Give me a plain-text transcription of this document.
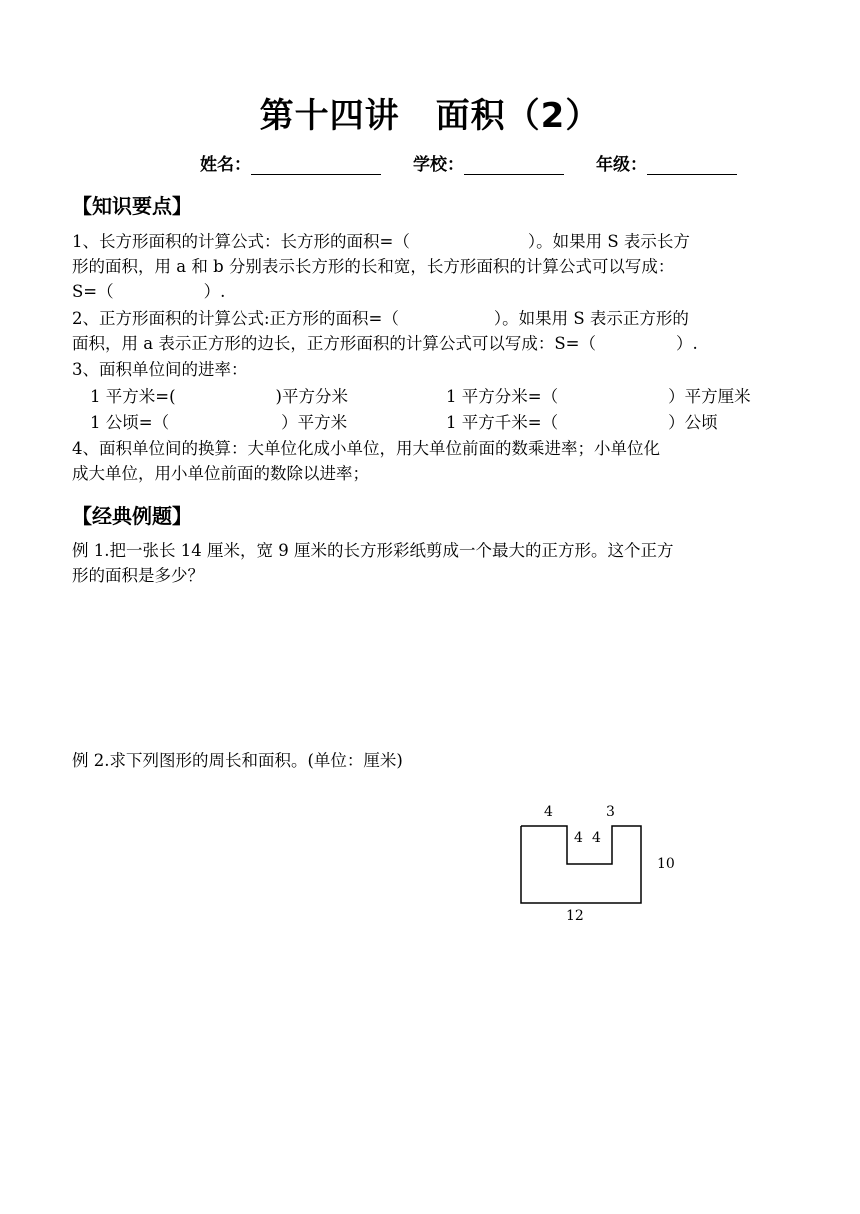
第十四讲 面积（2）
姓名：	学校：	年级：
【知识要点】
1、长方形面积的计算公式：长方形的面积=（	）。如果用 S 表示长方
形的面积，用 a 和 b 分别表示长方形的长和宽，长方形面积的计算公式可以写成：
S=（	）.
2、正方形面积的计算公式:正方形的面积=（	）。如果用 S 表示正方形的
面积，用 a 表示正方形的边长，正方形面积的计算公式可以写成：S=（	）.
3、面积单位间的进率：
1 平方米=(	)平方分米	1 平方分米=（	）平方厘米
1 公顷=（	）平方米	1 平方千米=（	）公顷
4、面积单位间的换算：大单位化成小单位，用大单位前面的数乘进率；小单位化
成大单位，用小单位前面的数除以进率；
【经典例题】
例 1.把一张长 14 厘米，宽 9 厘米的长方形彩纸剪成一个最大的正方形。这个正方
形的面积是多少？
例 2.求下列图形的周长和面积。(单位：厘米)
4	3
4 4
10
12
